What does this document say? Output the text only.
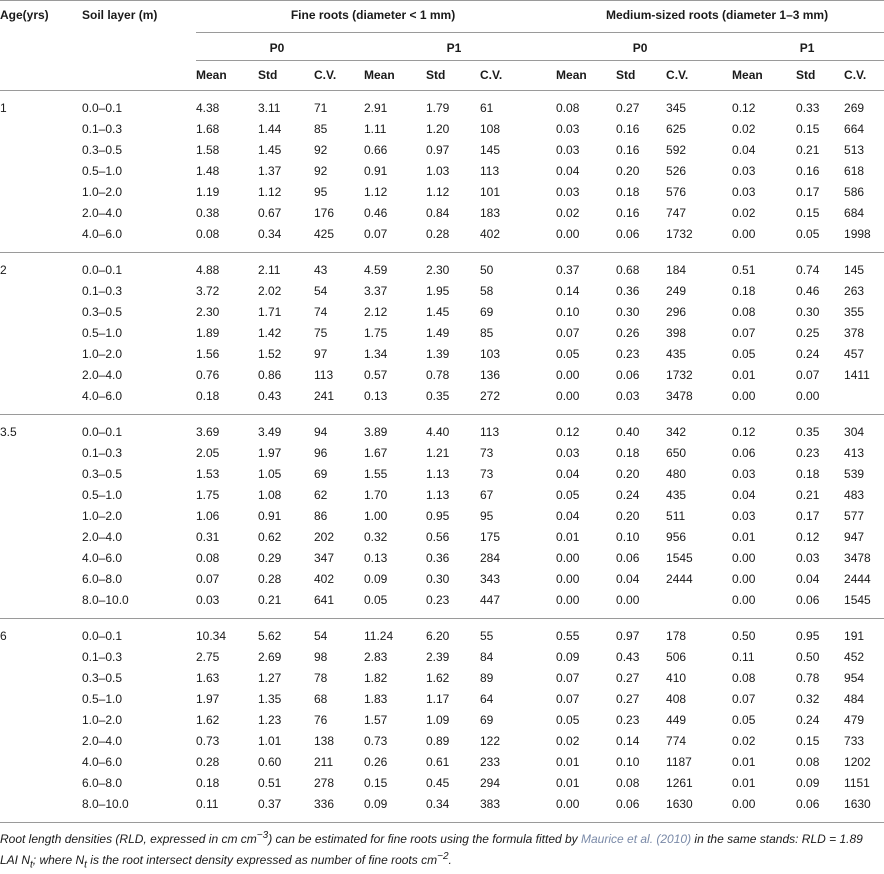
Age(yrs)	Soil layer (m)	Fine roots (diameter < 1 mm)						Medium-sized roots (diameter 1–3 mm)					
		P0			P1			P0			P1		
		Mean	Std	C.V.	Mean	Std	C.V.	Mean	Std	C.V.	Mean	Std	C.V.
1	0.0–0.1	4.38	3.11	71	2.91	1.79	61	0.08	0.27	345	0.12	0.33	269
	0.1–0.3	1.68	1.44	85	1.11	1.20	108	0.03	0.16	625	0.02	0.15	664
	0.3–0.5	1.58	1.45	92	0.66	0.97	145	0.03	0.16	592	0.04	0.21	513
	0.5–1.0	1.48	1.37	92	0.91	1.03	113	0.04	0.20	526	0.03	0.16	618
	1.0–2.0	1.19	1.12	95	1.12	1.12	101	0.03	0.18	576	0.03	0.17	586
	2.0–4.0	0.38	0.67	176	0.46	0.84	183	0.02	0.16	747	0.02	0.15	684
	4.0–6.0	0.08	0.34	425	0.07	0.28	402	0.00	0.06	1732	0.00	0.05	1998
2	0.0–0.1	4.88	2.11	43	4.59	2.30	50	0.37	0.68	184	0.51	0.74	145
	0.1–0.3	3.72	2.02	54	3.37	1.95	58	0.14	0.36	249	0.18	0.46	263
	0.3–0.5	2.30	1.71	74	2.12	1.45	69	0.10	0.30	296	0.08	0.30	355
	0.5–1.0	1.89	1.42	75	1.75	1.49	85	0.07	0.26	398	0.07	0.25	378
	1.0–2.0	1.56	1.52	97	1.34	1.39	103	0.05	0.23	435	0.05	0.24	457
	2.0–4.0	0.76	0.86	113	0.57	0.78	136	0.00	0.06	1732	0.01	0.07	1411
	4.0–6.0	0.18	0.43	241	0.13	0.35	272	0.00	0.03	3478	0.00	0.00	
3.5	0.0–0.1	3.69	3.49	94	3.89	4.40	113	0.12	0.40	342	0.12	0.35	304
	0.1–0.3	2.05	1.97	96	1.67	1.21	73	0.03	0.18	650	0.06	0.23	413
	0.3–0.5	1.53	1.05	69	1.55	1.13	73	0.04	0.20	480	0.03	0.18	539
	0.5–1.0	1.75	1.08	62	1.70	1.13	67	0.05	0.24	435	0.04	0.21	483
	1.0–2.0	1.06	0.91	86	1.00	0.95	95	0.04	0.20	511	0.03	0.17	577
	2.0–4.0	0.31	0.62	202	0.32	0.56	175	0.01	0.10	956	0.01	0.12	947
	4.0–6.0	0.08	0.29	347	0.13	0.36	284	0.00	0.06	1545	0.00	0.03	3478
	6.0–8.0	0.07	0.28	402	0.09	0.30	343	0.00	0.04	2444	0.00	0.04	2444
	8.0–10.0	0.03	0.21	641	0.05	0.23	447	0.00	0.00		0.00	0.06	1545
6	0.0–0.1	10.34	5.62	54	11.24	6.20	55	0.55	0.97	178	0.50	0.95	191
	0.1–0.3	2.75	2.69	98	2.83	2.39	84	0.09	0.43	506	0.11	0.50	452
	0.3–0.5	1.63	1.27	78	1.82	1.62	89	0.07	0.27	410	0.08	0.78	954
	0.5–1.0	1.97	1.35	68	1.83	1.17	64	0.07	0.27	408	0.07	0.32	484
	1.0–2.0	1.62	1.23	76	1.57	1.09	69	0.05	0.23	449	0.05	0.24	479
	2.0–4.0	0.73	1.01	138	0.73	0.89	122	0.02	0.14	774	0.02	0.15	733
	4.0–6.0	0.28	0.60	211	0.26	0.61	233	0.01	0.10	1187	0.01	0.08	1202
	6.0–8.0	0.18	0.51	278	0.15	0.45	294	0.01	0.08	1261	0.01	0.09	1151
	8.0–10.0	0.11	0.37	336	0.09	0.34	383	0.00	0.06	1630	0.00	0.06	1630
Root length densities (RLD, expressed in cm $cm^{-3}$) can be estimated for fine roots using the formula fitted by Maurice et al. (2010) in the same stands: RLD = 1.89 LAI $N_t$; where $N_t$ is the root intersect density expressed as number of fine roots $cm^{-2}$.
